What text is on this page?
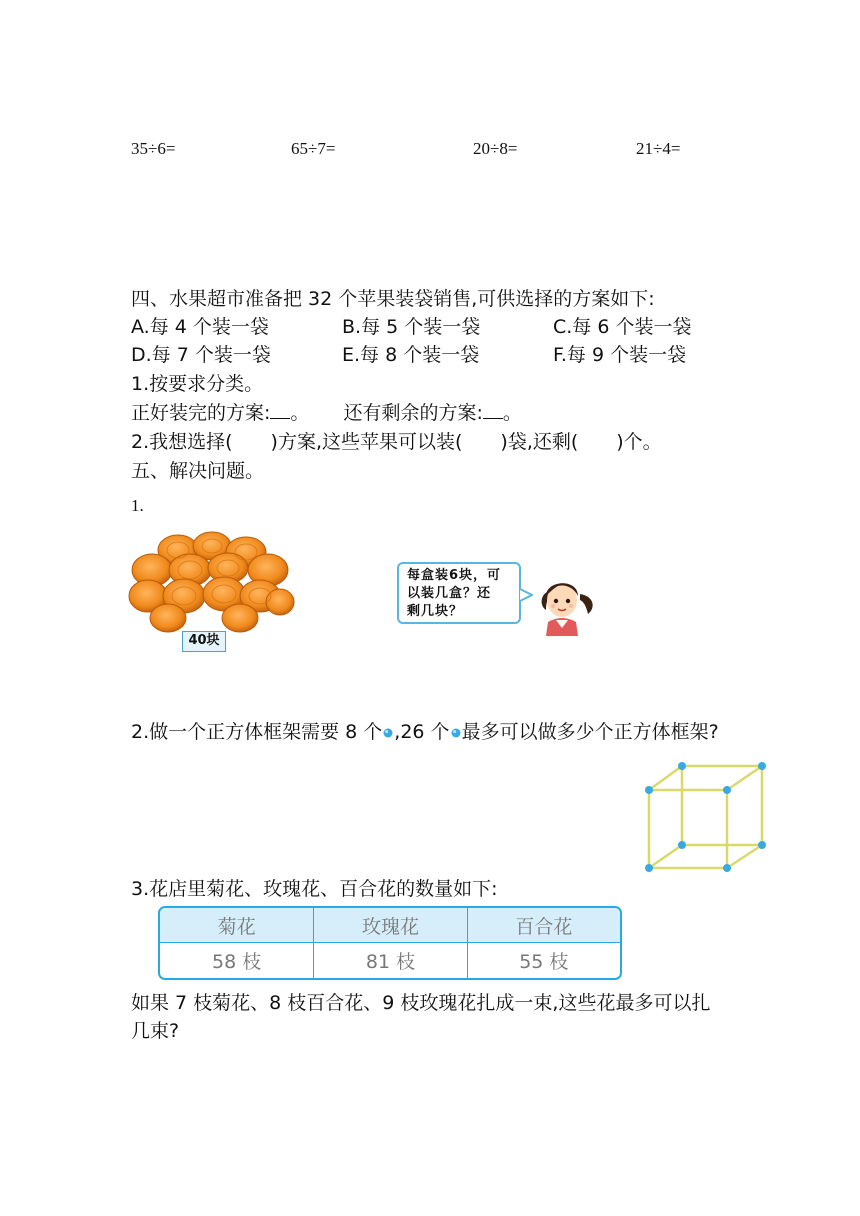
35÷6=	65÷7=	20÷8=	21÷4=
四、水果超市准备把 32 个苹果装袋销售,可供选择的方案如下:
A.每 4 个装一袋	B.每 5 个装一袋	C.每 6 个装一袋
D.每 7 个装一袋	E.每 8 个装一袋	F.每 9 个装一袋
1.按要求分类。
正好装完的方案: 。 还有剩余的方案: 。
2.我想选择(　　)方案,这些苹果可以装(　　)袋,还剩(　　)个。
五、解决问题。
1.
40块
每盒装6块，可
以装几盒？还
剩几块？
2.做一个正方体框架需要 8 个 ,26 个 最多可以做多少个正方体框架?
3.花店里菊花、玫瑰花、百合花的数量如下:
菊花	玫瑰花	百合花
58 枝	81 枝	55 枝
如果 7 枝菊花、8 枝百合花、9 枝玫瑰花扎成一束,这些花最多可以扎
几束?
